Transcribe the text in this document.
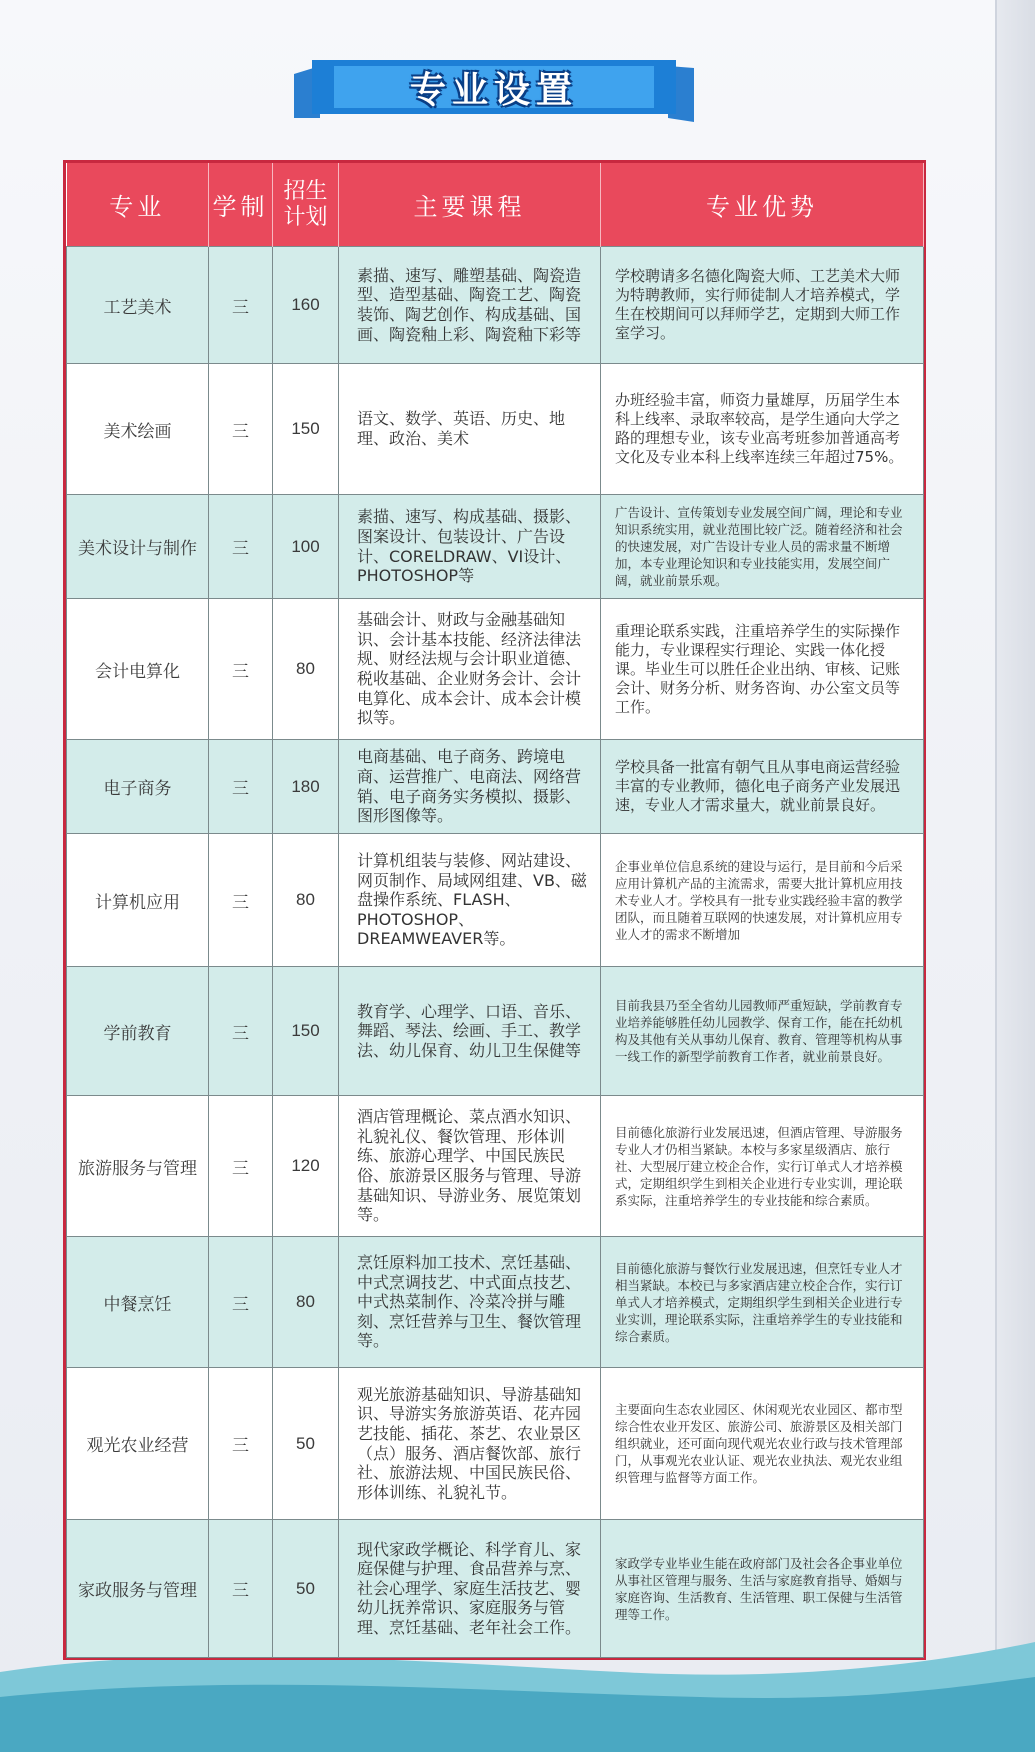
专业设置
专业	学制	招生计划	主要课程	专业优势
工艺美术	三	160	素描、速写、雕塑基础、陶瓷造型、造型基础、陶瓷工艺、陶瓷装饰、陶艺创作、构成基础、国画、陶瓷釉上彩、陶瓷釉下彩等	学校聘请多名德化陶瓷大师、工艺美术大师为特聘教师，实行师徒制人才培养模式，学生在校期间可以拜师学艺，定期到大师工作室学习。
美术绘画	三	150	语文、数学、英语、历史、地理、政治、美术	办班经验丰富，师资力量雄厚，历届学生本科上线率、录取率较高，是学生通向大学之路的理想专业，该专业高考班参加普通高考文化及专业本科上线率连续三年超过75%。
美术设计与制作	三	100	素描、速写、构成基础、摄影、图案设计、包装设计、广告设计、CORELDRAW、VI设计、PHOTOSHOP等	广告设计、宣传策划专业发展空间广阔，理论和专业知识系统实用，就业范围比较广泛。随着经济和社会的快速发展，对广告设计专业人员的需求量不断增加，本专业理论知识和专业技能实用，发展空间广阔，就业前景乐观。
会计电算化	三	80	基础会计、财政与金融基础知识、会计基本技能、经济法律法规、财经法规与会计职业道德、税收基础、企业财务会计、会计电算化、成本会计、成本会计模拟等。	重理论联系实践，注重培养学生的实际操作能力，专业课程实行理论、实践一体化授课。毕业生可以胜任企业出纳、审核、记账会计、财务分析、财务咨询、办公室文员等工作。
电子商务	三	180	电商基础、电子商务、跨境电商、运营推广、电商法、网络营销、电子商务实务模拟、摄影、图形图像等。	学校具备一批富有朝气且从事电商运营经验丰富的专业教师，德化电子商务产业发展迅速，专业人才需求量大，就业前景良好。
计算机应用	三	80	计算机组装与装修、网站建设、网页制作、局域网组建、VB、磁盘操作系统、FLASH、PHOTOSHOP、DREAMWEAVER等。	企事业单位信息系统的建设与运行，是目前和今后采应用计算机产品的主流需求，需要大批计算机应用技术专业人才。学校具有一批专业实践经验丰富的教学团队，而且随着互联网的快速发展，对计算机应用专业人才的需求不断增加
学前教育	三	150	教育学、心理学、口语、音乐、舞蹈、琴法、绘画、手工、教学法、幼儿保育、幼儿卫生保健等	目前我县乃至全省幼儿园教师严重短缺，学前教育专业培养能够胜任幼儿园教学、保育工作，能在托幼机构及其他有关从事幼儿保育、教育、管理等机构从事一线工作的新型学前教育工作者，就业前景良好。
旅游服务与管理	三	120	酒店管理概论、菜点酒水知识、礼貌礼仪、餐饮管理、形体训练、旅游心理学、中国民族民俗、旅游景区服务与管理、导游基础知识、导游业务、展览策划等。	目前德化旅游行业发展迅速，但酒店管理、导游服务专业人才仍相当紧缺。本校与多家星级酒店、旅行社、大型展厅建立校企合作，实行订单式人才培养模式，定期组织学生到相关企业进行专业实训，理论联系实际，注重培养学生的专业技能和综合素质。
中餐烹饪	三	80	烹饪原料加工技术、烹饪基础、中式烹调技艺、中式面点技艺、中式热菜制作、冷菜冷拼与雕刻、烹饪营养与卫生、餐饮管理等。	目前德化旅游与餐饮行业发展迅速，但烹饪专业人才相当紧缺。本校已与多家酒店建立校企合作，实行订单式人才培养模式，定期组织学生到相关企业进行专业实训，理论联系实际，注重培养学生的专业技能和综合素质。
观光农业经营	三	50	观光旅游基础知识、导游基础知识、导游实务旅游英语、花卉园艺技能、插花、茶艺、农业景区（点）服务、酒店餐饮部、旅行社、旅游法规、中国民族民俗、形体训练、礼貌礼节。	主要面向生态农业园区、休闲观光农业园区、都市型综合性农业开发区、旅游公司、旅游景区及相关部门组织就业，还可面向现代观光农业行政与技术管理部门，从事观光农业认证、观光农业执法、观光农业组织管理与监督等方面工作。
家政服务与管理	三	50	现代家政学概论、科学育儿、家庭保健与护理、食品营养与烹、社会心理学、家庭生活技艺、婴幼儿抚养常识、家庭服务与管理、烹饪基础、老年社会工作。	家政学专业毕业生能在政府部门及社会各企事业单位从事社区管理与服务、生活与家庭教育指导、婚姻与家庭咨询、生活教育、生活管理、职工保健与生活管理等工作。
